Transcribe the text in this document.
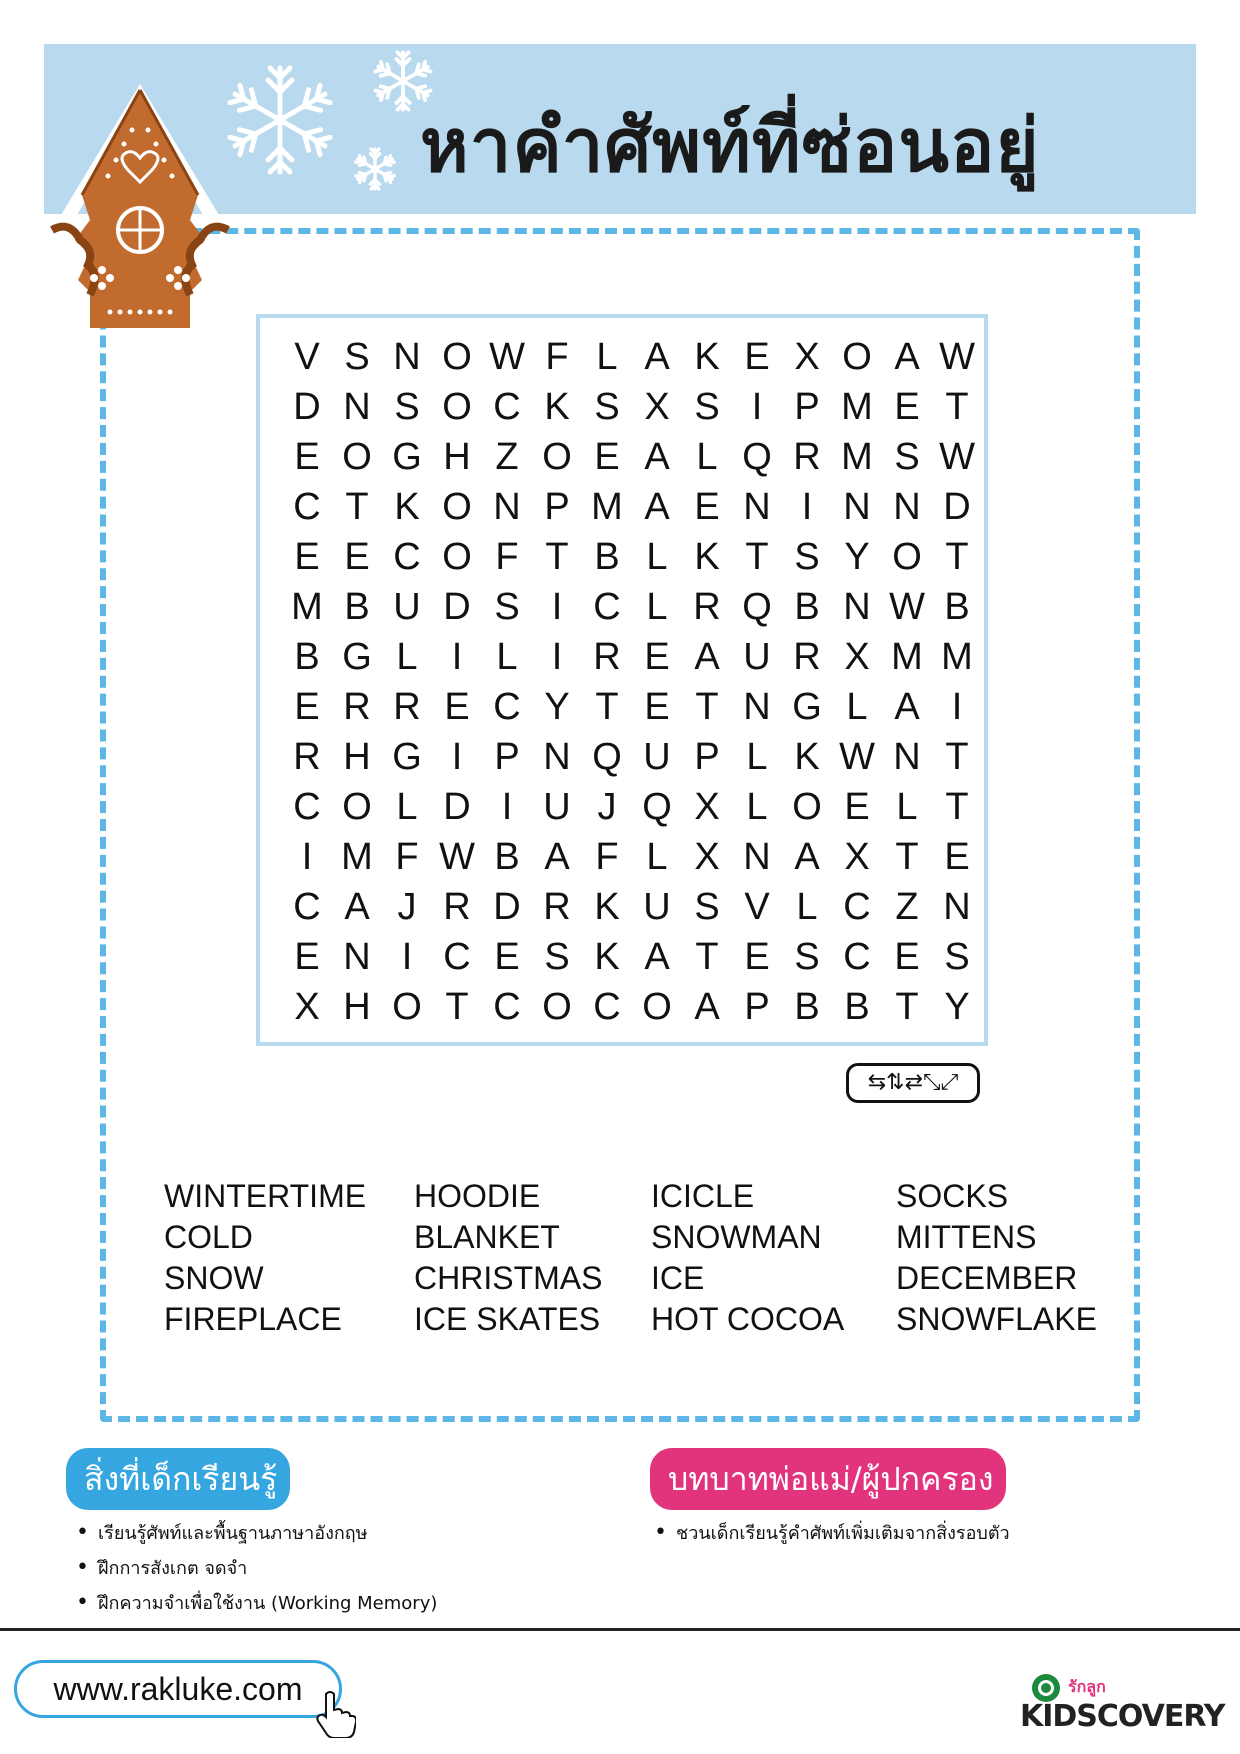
หาคำศัพท์ที่ซ่อนอยู่
V	S	N	O	W	F	L	A	K	E	X	O	A	W
D	N	S	O	C	K	S	X	S	I	P	M	E	T
E	O	G	H	Z	O	E	A	L	Q	R	M	S	W
C	T	K	O	N	P	M	A	E	N	I	N	N	D
E	E	C	O	F	T	B	L	K	T	S	Y	O	T
M	B	U	D	S	I	C	L	R	Q	B	N	W	B
B	G	L	I	L	I	R	E	A	U	R	X	M	M
E	R	R	E	C	Y	T	E	T	N	G	L	A	I
R	H	G	I	P	N	Q	U	P	L	K	W	N	T
C	O	L	D	I	U	J	Q	X	L	O	E	L	T
I	M	F	W	B	A	F	L	X	N	A	X	T	E
C	A	J	R	D	R	K	U	S	V	L	C	Z	N
E	N	I	C	E	S	K	A	T	E	S	C	E	S
X	H	O	T	C	O	C	O	A	P	B	B	T	Y
⇆⇅⇄⤡⤢
WINTERTIME
COLD
SNOW
FIREPLACE
HOODIE
BLANKET
CHRISTMAS
ICE SKATES
ICICLE
SNOWMAN
ICE
HOT COCOA
SOCKS
MITTENS
DECEMBER
SNOWFLAKE
สิ่งที่เด็กเรียนรู้
• เรียนรู้ศัพท์และพื้นฐานภาษาอังกฤษ
• ฝึกการสังเกต จดจำ
• ฝึกความจำเพื่อใช้งาน (Working Memory)
บทบาทพ่อแม่/ผู้ปกครอง
• ชวนเด็กเรียนรู้คำศัพท์เพิ่มเติมจากสิ่งรอบตัว
www.rakluke.com	รักลูก
KIDSCOVERY
